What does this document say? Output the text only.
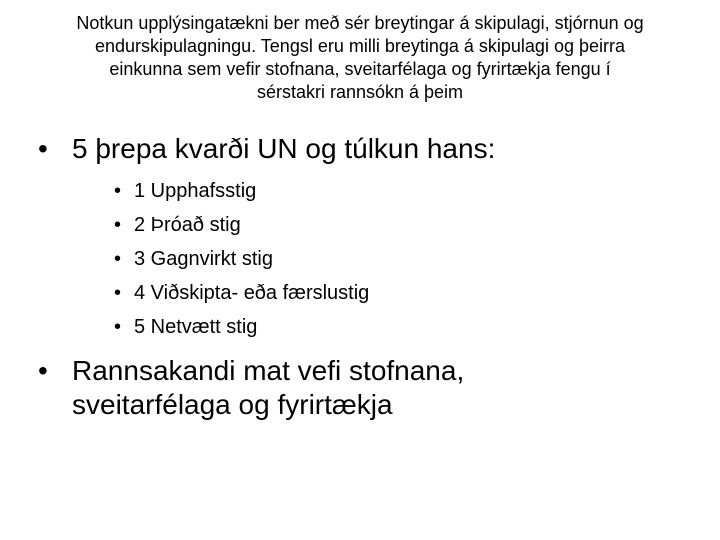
Notkun upplýsingatækni ber með sér breytingar á skipulagi, stjórnun og
endurskipulagningu. Tengsl eru milli breytinga á skipulagi og þeirra
einkunna sem vefir stofnana, sveitarfélaga og fyrirtækja fengu í
sérstakri rannsókn á þeim
• 5 þrepa kvarði UN og túlkun hans:
• 1 Upphafsstig
• 2 Þróað stig
• 3 Gagnvirkt stig
• 4 Viðskipta- eða færslustig
• 5 Netvætt stig
• Rannsakandi mat vefi stofnana,
sveitarfélaga og fyrirtækja
